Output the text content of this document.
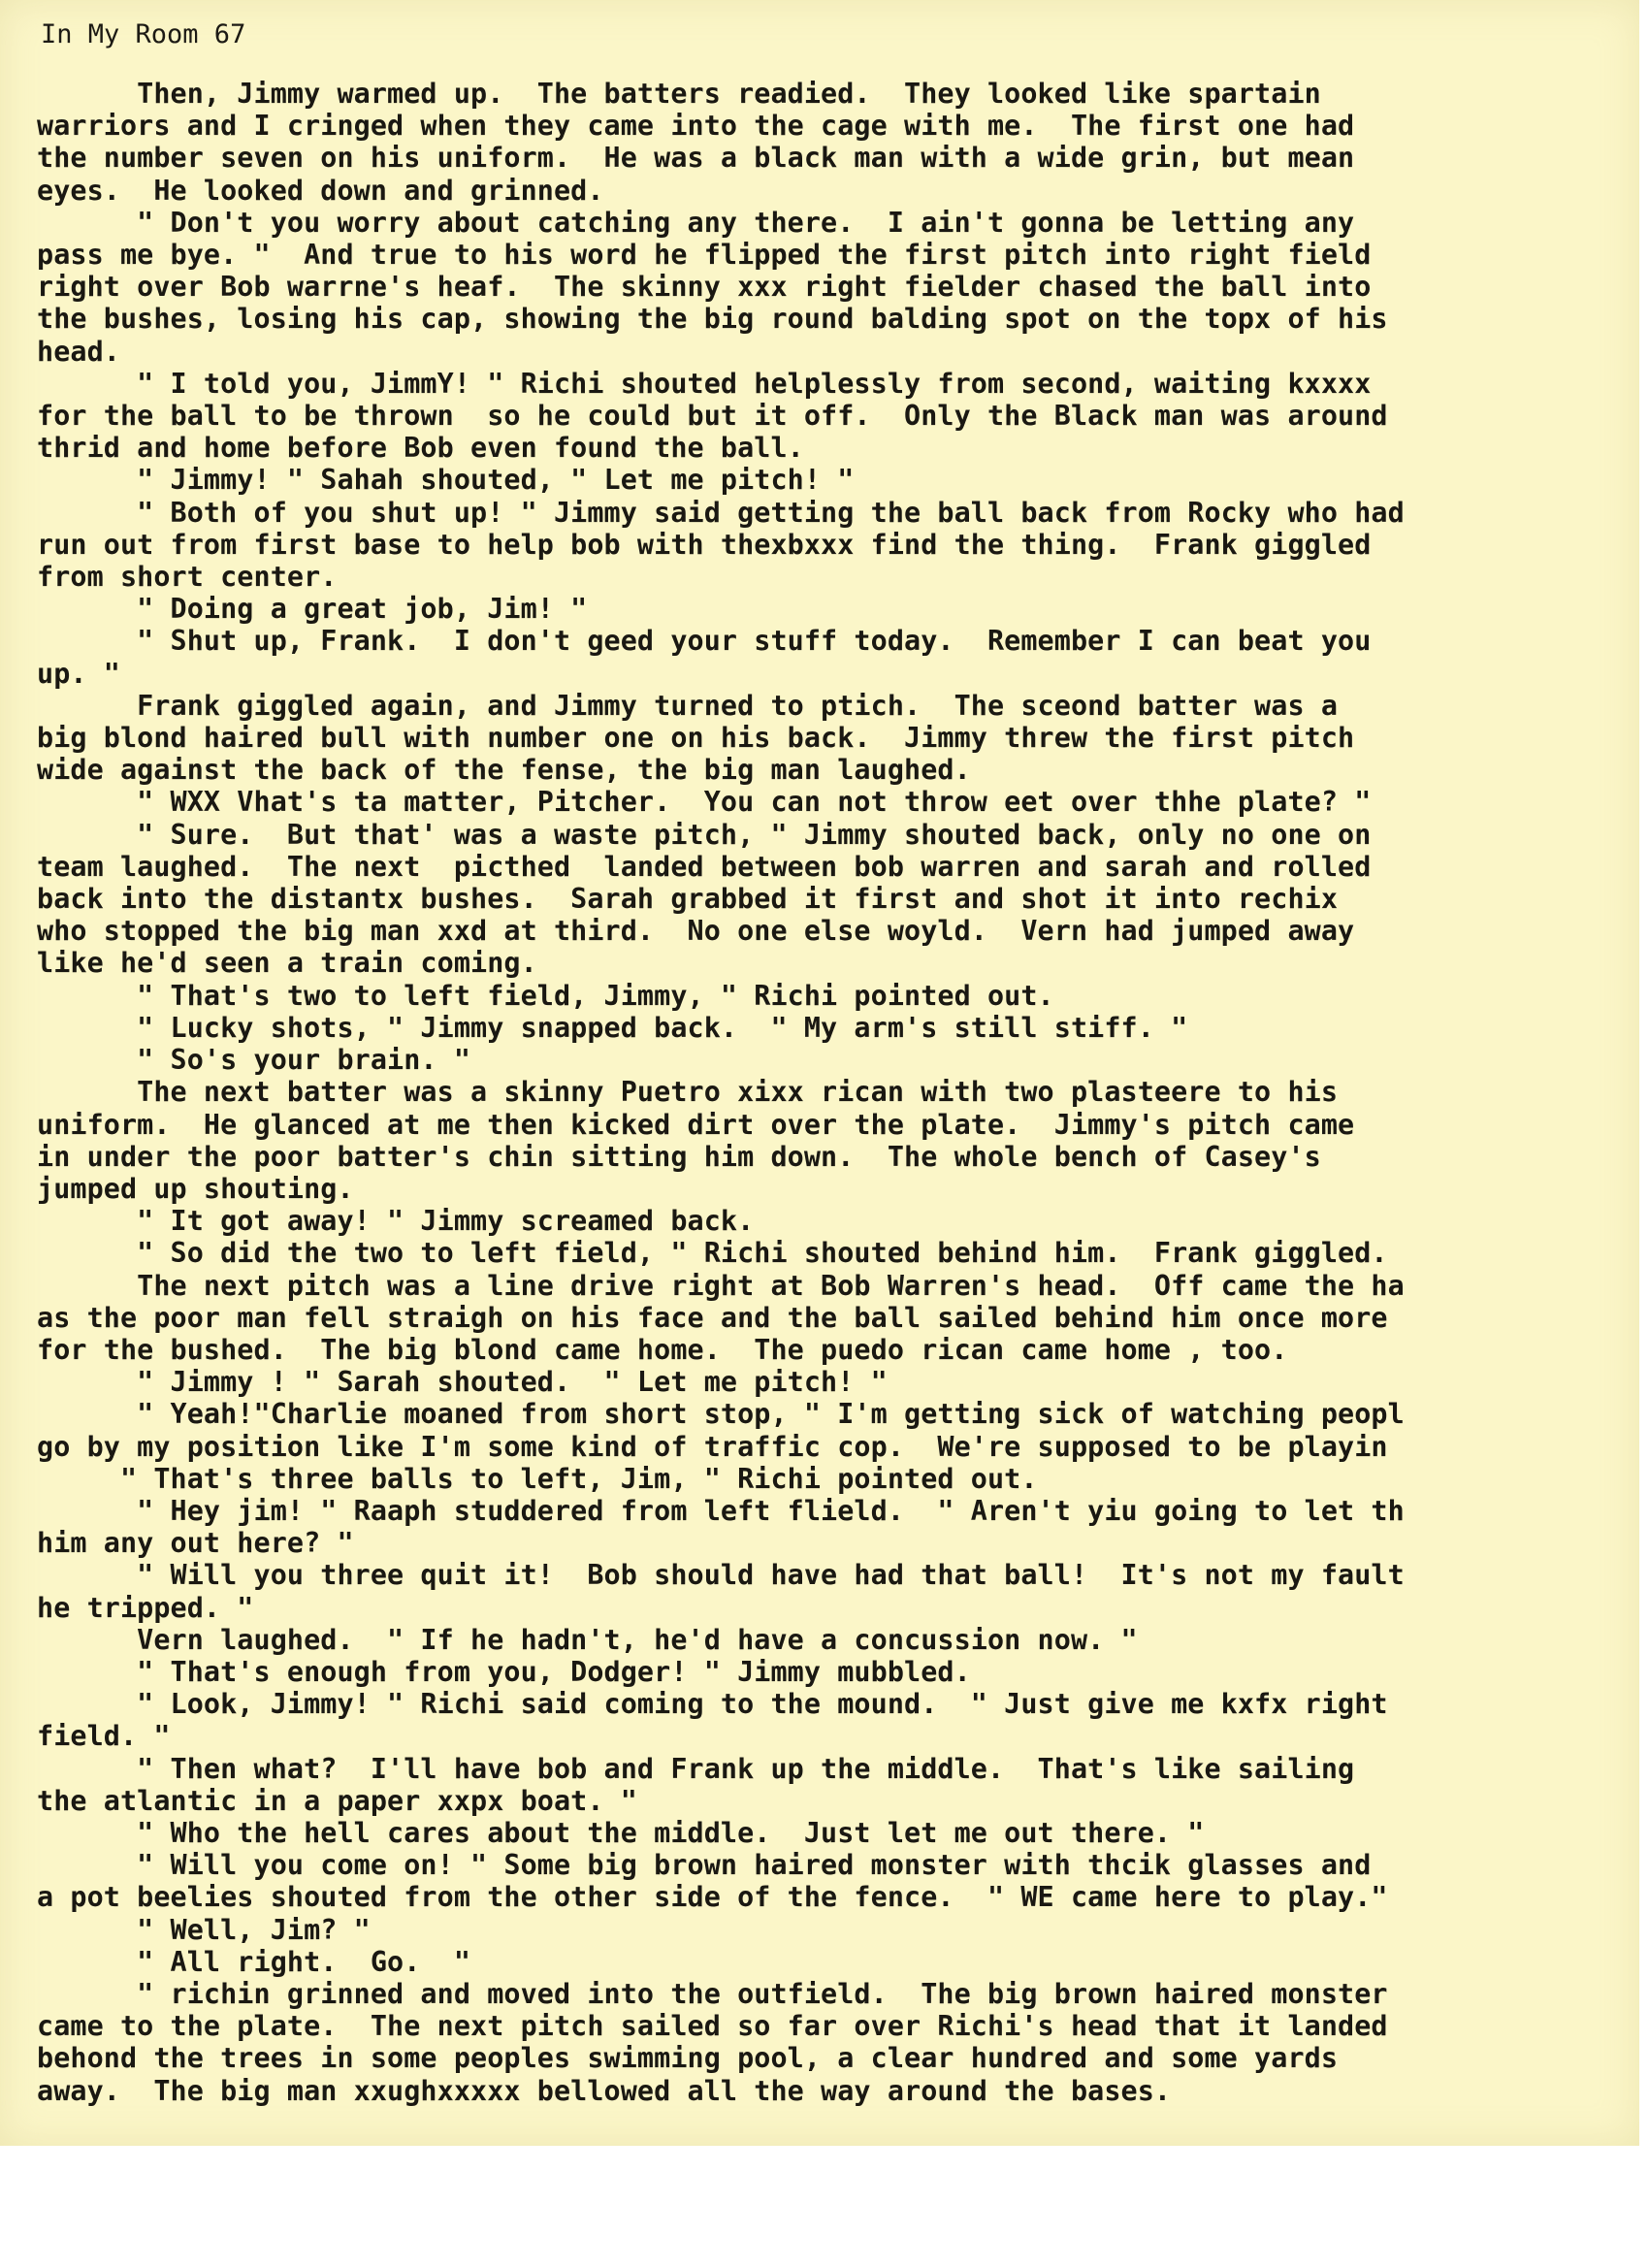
In My Room 67
Then, Jimmy warmed up.  The batters readied.  They looked like spartain
warriors and I cringed when they came into the cage with me.  The first one had
the number seven on his uniform.  He was a black man with a wide grin, but mean
eyes.  He looked down and grinned.
" Don't you worry about catching any there.  I ain't gonna be letting any
pass me bye. "  And true to his word he flipped the first pitch into right field
right over Bob warrne's heaf.  The skinny xxx right fielder chased the ball into
the bushes, losing his cap, showing the big round balding spot on the topx of his
head.
" I told you, JimmY! " Richi shouted helplessly from second, waiting kxxxx
for the ball to be thrown  so he could but it off.  Only the Black man was around
thrid and home before Bob even found the ball.
" Jimmy! " Sahah shouted, " Let me pitch! "
" Both of you shut up! " Jimmy said getting the ball back from Rocky who had
run out from first base to help bob with thexbxxx find the thing.  Frank giggled
from short center.
" Doing a great job, Jim! "
" Shut up, Frank.  I don't geed your stuff today.  Remember I can beat you
up. "
Frank giggled again, and Jimmy turned to ptich.  The sceond batter was a
big blond haired bull with number one on his back.  Jimmy threw the first pitch
wide against the back of the fense, the big man laughed.
" WXX Vhat's ta matter, Pitcher.  You can not throw eet over thhe plate? "
" Sure.  But that' was a waste pitch, " Jimmy shouted back, only no one on
team laughed.  The next  picthed  landed between bob warren and sarah and rolled
back into the distantx bushes.  Sarah grabbed it first and shot it into rechix
who stopped the big man xxd at third.  No one else woyld.  Vern had jumped away
like he'd seen a train coming.
" That's two to left field, Jimmy, " Richi pointed out.
" Lucky shots, " Jimmy snapped back.  " My arm's still stiff. "
" So's your brain. "
The next batter was a skinny Puetro xixx rican with two plasteere to his
uniform.  He glanced at me then kicked dirt over the plate.  Jimmy's pitch came
in under the poor batter's chin sitting him down.  The whole bench of Casey's
jumped up shouting.
" It got away! " Jimmy screamed back.
" So did the two to left field, " Richi shouted behind him.  Frank giggled.
The next pitch was a line drive right at Bob Warren's head.  Off came the ha
as the poor man fell straigh on his face and the ball sailed behind him once more
for the bushed.  The big blond came home.  The puedo rican came home , too.
" Jimmy ! " Sarah shouted.  " Let me pitch! "
" Yeah!"Charlie moaned from short stop, " I'm getting sick of watching peopl
go by my position like I'm some kind of traffic cop.  We're supposed to be playin
" That's three balls to left, Jim, " Richi pointed out.
" Hey jim! " Raaph studdered from left flield.  " Aren't yiu going to let th
him any out here? "
" Will you three quit it!  Bob should have had that ball!  It's not my fault
he tripped. "
Vern laughed.  " If he hadn't, he'd have a concussion now. "
" That's enough from you, Dodger! " Jimmy mubbled.
" Look, Jimmy! " Richi said coming to the mound.  " Just give me kxfx right
field. "
" Then what?  I'll have bob and Frank up the middle.  That's like sailing
the atlantic in a paper xxpx boat. "
" Who the hell cares about the middle.  Just let me out there. "
" Will you come on! " Some big brown haired monster with thcik glasses and
a pot beelies shouted from the other side of the fence.  " WE came here to play."
" Well, Jim? "
" All right.  Go.  "
" richin grinned and moved into the outfield.  The big brown haired monster
came to the plate.  The next pitch sailed so far over Richi's head that it landed
behond the trees in some peoples swimming pool, a clear hundred and some yards
away.  The big man xxughxxxxx bellowed all the way around the bases.
